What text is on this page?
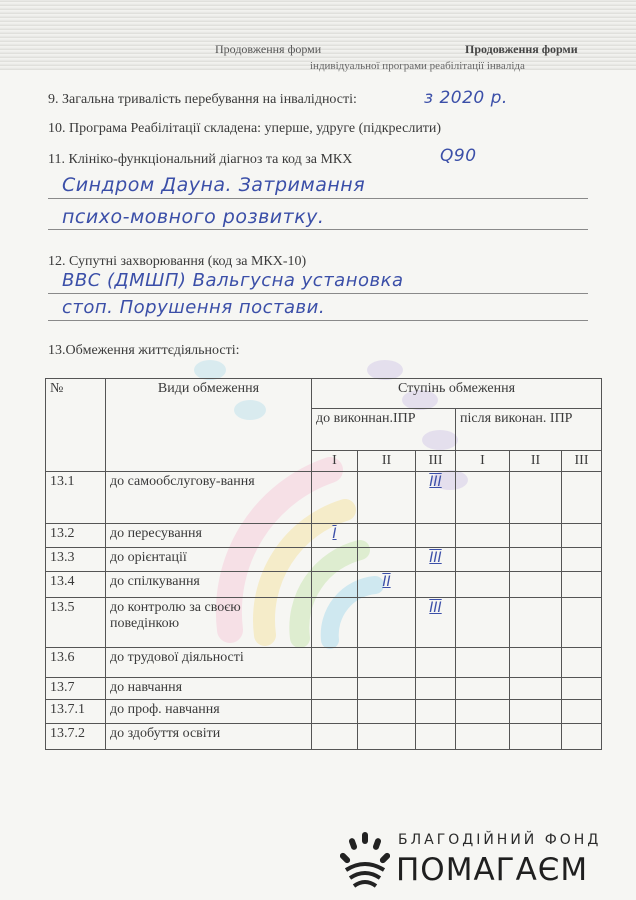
Продовження форми	Продовження форми
індивідуальної програми реабілітації інваліда
9. Загальна тривалість перебування на інвалідності:	з 2020 р.
10. Програма Реабілітації складена: уперше, удруге (підкреслити)
11. Клініко-функціональний діагноз та код за МКХ	Q90
Синдром Дауна. Затримання
психо-мовного розвитку.
12. Супутні захворювання (код за МКХ-10)
ВВС (ДМШП) Вальгусна установка
стоп. Порушення постави.
13.Обмеження життєдіяльності:
№	Види обмеження	Ступінь обмеження					
		до виконнан.ІПР			після виконан. ІПР		
		I	II	III	I	II	III
13.1	до самообслугову-вання			III			
13.2	до пересування	I					
13.3	до орієнтації			III			
13.4	до спілкування		II				
13.5	до контролю за своєю поведінкою			III			
13.6	до трудової діяльності						
13.7	до навчання						
13.7.1	до проф. навчання						
13.7.2	до здобуття освіти						
БЛАГОДІЙНИЙ ФОНД
ПОМАГАЄМ
